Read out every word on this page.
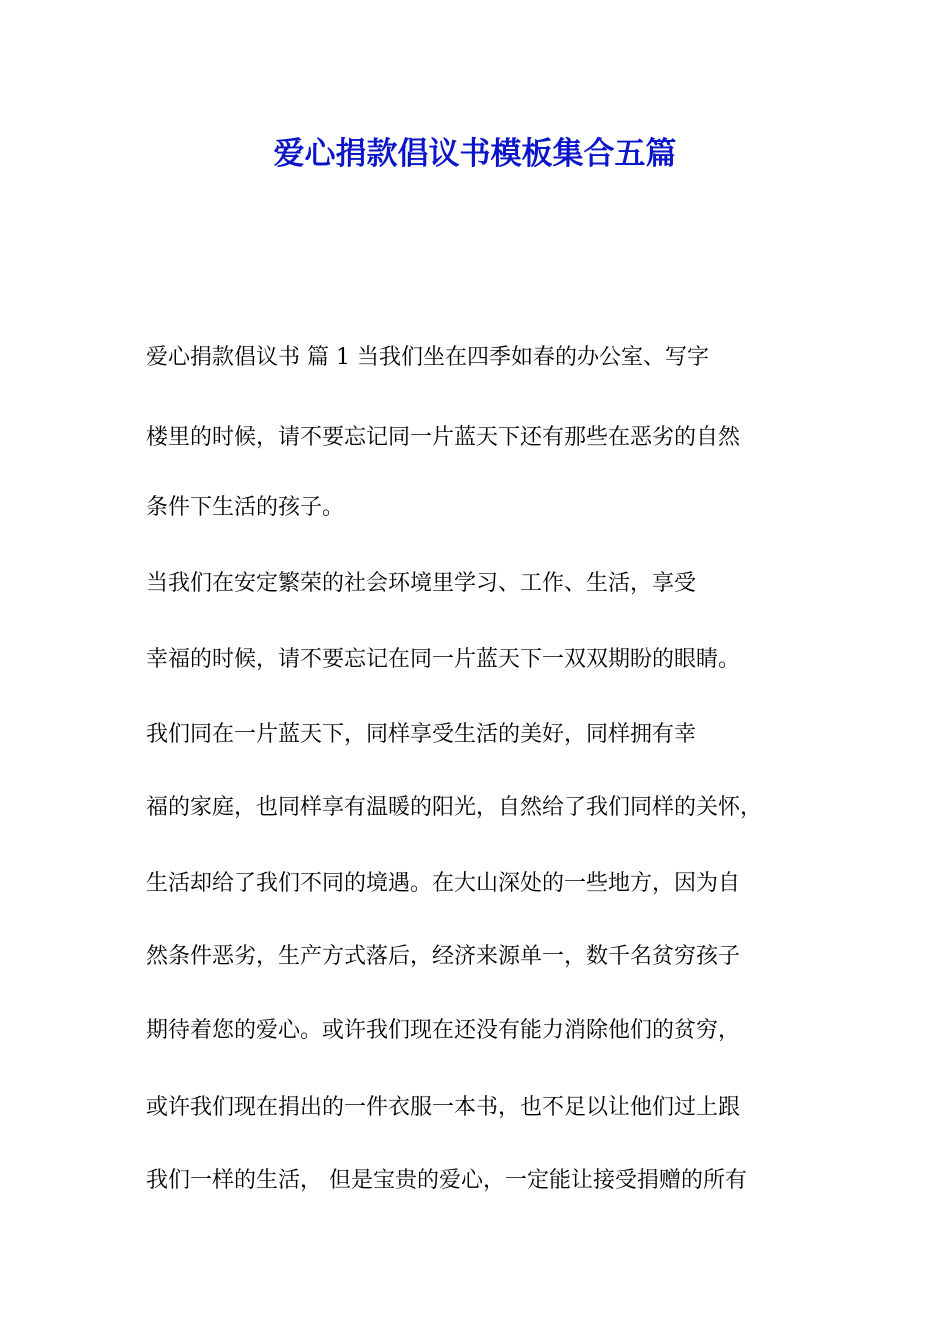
爱心捐款倡议书模板集合五篇
爱心捐款倡议书 篇 1 当我们坐在四季如春的办公室、写字
楼里的时候，请不要忘记同一片蓝天下还有那些在恶劣的自然
条件下生活的孩子。
当我们在安定繁荣的社会环境里学习、工作、生活，享受
幸福的时候，请不要忘记在同一片蓝天下一双双期盼的眼睛。
我们同在一片蓝天下，同样享受生活的美好，同样拥有幸
福的家庭，也同样享有温暖的阳光，自然给了我们同样的关怀，
生活却给了我们不同的境遇。在大山深处的一些地方，因为自
然条件恶劣，生产方式落后，经济来源单一，数千名贫穷孩子
期待着您的爱心。或许我们现在还没有能力消除他们的贫穷，
或许我们现在捐出的一件衣服一本书，也不足以让他们过上跟
我们一样的生活， 但是宝贵的爱心，一定能让接受捐赠的所有
